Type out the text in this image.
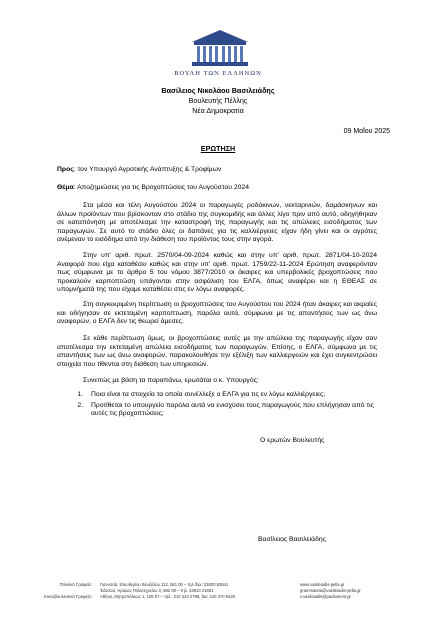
ΒΟΥΛΗ ΤΩΝ ΕΛΛΗΝΩΝ
Βασίλειος Νικολάου Βασιλειάδης
Βουλευτής Πέλλης
Νέα Δημοκρατία
09 Μαΐου 2025
ΕΡΩΤΗΣΗ
Προς: τον Υπουργό Αγροτικής Ανάπτυξης & Τροφίμων
Θέμα: Αποζημιώσεις για τις Βροχοπτώσεις του Αυγούστου 2024
Στα μέσα και τέλη Αυγούστου 2024 οι παραγωγές ροδάκινων, νεκταρινιών, δαμάσκηνων και άλλων προϊόντων που βρίσκονταν στο στάδιο της συγκομιδής και άλλες λίγο πριν από αυτό, οδηγήθηκαν σε καταπόνηση με αποτέλεσμα την καταστροφή της παραγωγής και τις απώλειες εισοδήματος των παραγωγών. Σε αυτό το στάδιο όλες οι δαπάνες για τις καλλιέργειες είχαν ήδη γίνει και οι αγρότες ανέμεναν το εισόδημα από την διάθεση του προϊόντος τους στην αγορά.
Στην υπ' αριθ. πρωτ. 2570/04-09-2024 καθώς και στην υπ' αριθ. πρωτ. 2871/04-10-2024 Αναφορά που είχα καταθέσει καθώς και στην υπ' αριθ. πρωτ. 1759/22-11-2024 Ερώτηση αναφερόνταν πως σύμφωνα με το άρθρο 5 του νόμου 3877/2010 οι άκαιρες και υπερβολικές βροχοπτώσεις που προκαλούν καρποπτώση υπάγονται στην ασφάλιση του ΕΛΓΑ, όπως αναφέρει και η ΕΘΕΑΣ σε υπομνήματά της που είχαμε καταθέσει στις εν λόγω αναφορές.
Στη συγκεκριμένη περίπτωση οι βροχοπτώσεις του Αυγούστου του 2024 ήταν άκαιρες και ακραίες και οδήγησαν σε εκτεταμένη καρποπτωση, παρόλα αυτά, σύμφωνα με τις απαντήσεις των ως άνω αναφορών, ο ΕΛΓΑ δεν τις θεωρεί άμεσες.
Σε κάθε περίπτωση όμως, οι βροχοπτώσεις αυτές με την απώλεια της παραγωγής είχαν σαν αποτέλεσμα την εκτεταμένη απώλεια εισοδήματος των παραγωγών. Επίσης, ο ΕΛΓΑ, σύμφωνα με τις απαντήσεις των ως άνω αναφορών, παρακολουθήσε την εξέλιξη των καλλιεργειών και έχει συγκεντρώσει στοιχεία που τίθενται στη διάθεση των υπηρεσιών.
Συνεπώς με βάση τα παραπάνω, ερωτάται ο κ. Υπουργός:
1.	Ποια είναι τα στοιχεία τα οποία συνέλλεξε ο ΕΛΓΑ για τις εν λόγω καλλιέργειες;
2.	Προτίθεται το υπουργείο παρόλα αυτά να ενισχύσει τους παραγωγούς που επλήγησαν από τις αυτές τις βροχοπτώσεις;
Ο ερωτών Βουλευτής
Βασίλειος Βασιλειάδης
Πολιτικό Γραφείο:	Γιαννιτσά, Ελευθερίου Βενιζέλου 113, 581 00 – τηλ./fax: 23820 83841	www.vasileiadis-pella.gr
Έδεσσα, Ηρώων Πολυτεχνείου 3, 582 00 – τηλ. 23810 21651	grammateia@vasileiadis-pella.gr
Κοινοβουλευτικό Γραφείο:	Αθήνα, Μητροπόλεως 1, 105 57 – τηλ.: 210 324 2786, fax: 210 370 9420	v.vasileiadis@parliament.gr
